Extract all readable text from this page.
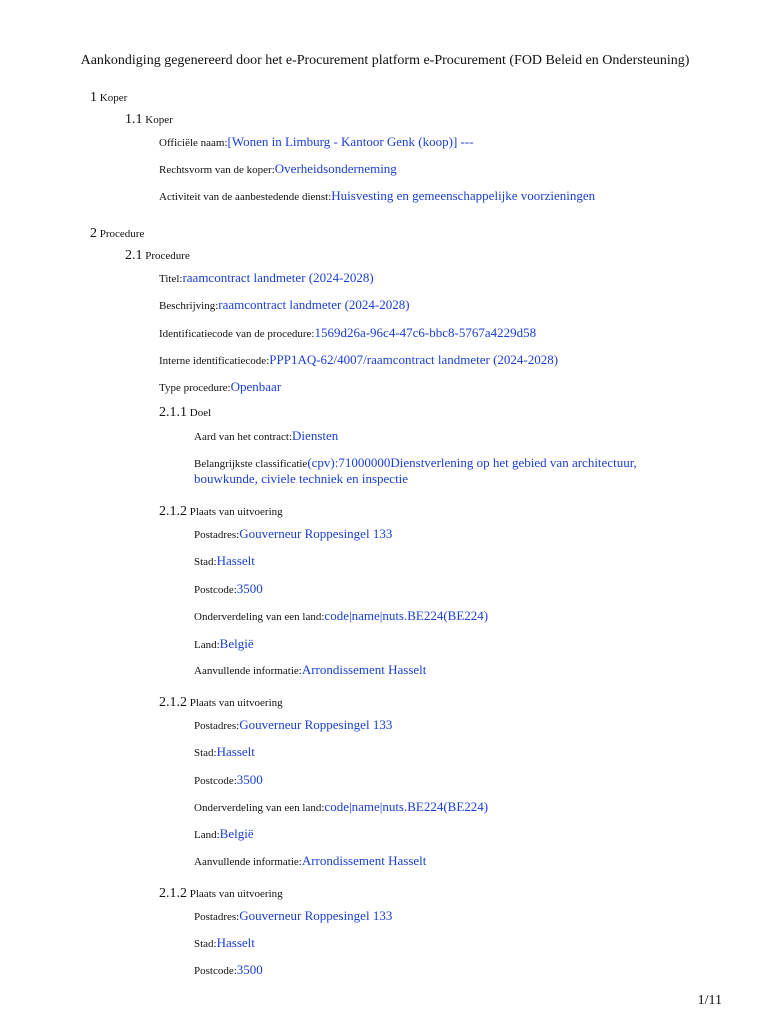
Aankondiging gegenereerd door het e-Procurement platform e-Procurement (FOD Beleid en Ondersteuning)
1 Koper
1.1 Koper
Officiële naam:[Wonen in Limburg - Kantoor Genk (koop)] ---
Rechtsvorm van de koper:Overheidsonderneming
Activiteit van de aanbestedende dienst:Huisvesting en gemeenschappelijke voorzieningen
2 Procedure
2.1 Procedure
Titel:raamcontract landmeter (2024-2028)
Beschrijving:raamcontract landmeter (2024-2028)
Identificatiecode van de procedure:1569d26a-96c4-47c6-bbc8-5767a4229d58
Interne identificatiecode:PPP1AQ-62/4007/raamcontract landmeter (2024-2028)
Type procedure:Openbaar
2.1.1 Doel
Aard van het contract:Diensten
Belangrijkste classificatie(cpv):71000000Dienstverlening op het gebied van architectuur,
bouwkunde, civiele techniek en inspectie
2.1.2 Plaats van uitvoering
Postadres:Gouverneur Roppesingel 133
Stad:Hasselt
Postcode:3500
Onderverdeling van een land:code|name|nuts.BE224(BE224)
Land:België
Aanvullende informatie:Arrondissement Hasselt
2.1.2 Plaats van uitvoering
Postadres:Gouverneur Roppesingel 133
Stad:Hasselt
Postcode:3500
Onderverdeling van een land:code|name|nuts.BE224(BE224)
Land:België
Aanvullende informatie:Arrondissement Hasselt
2.1.2 Plaats van uitvoering
Postadres:Gouverneur Roppesingel 133
Stad:Hasselt
Postcode:3500
1/11
